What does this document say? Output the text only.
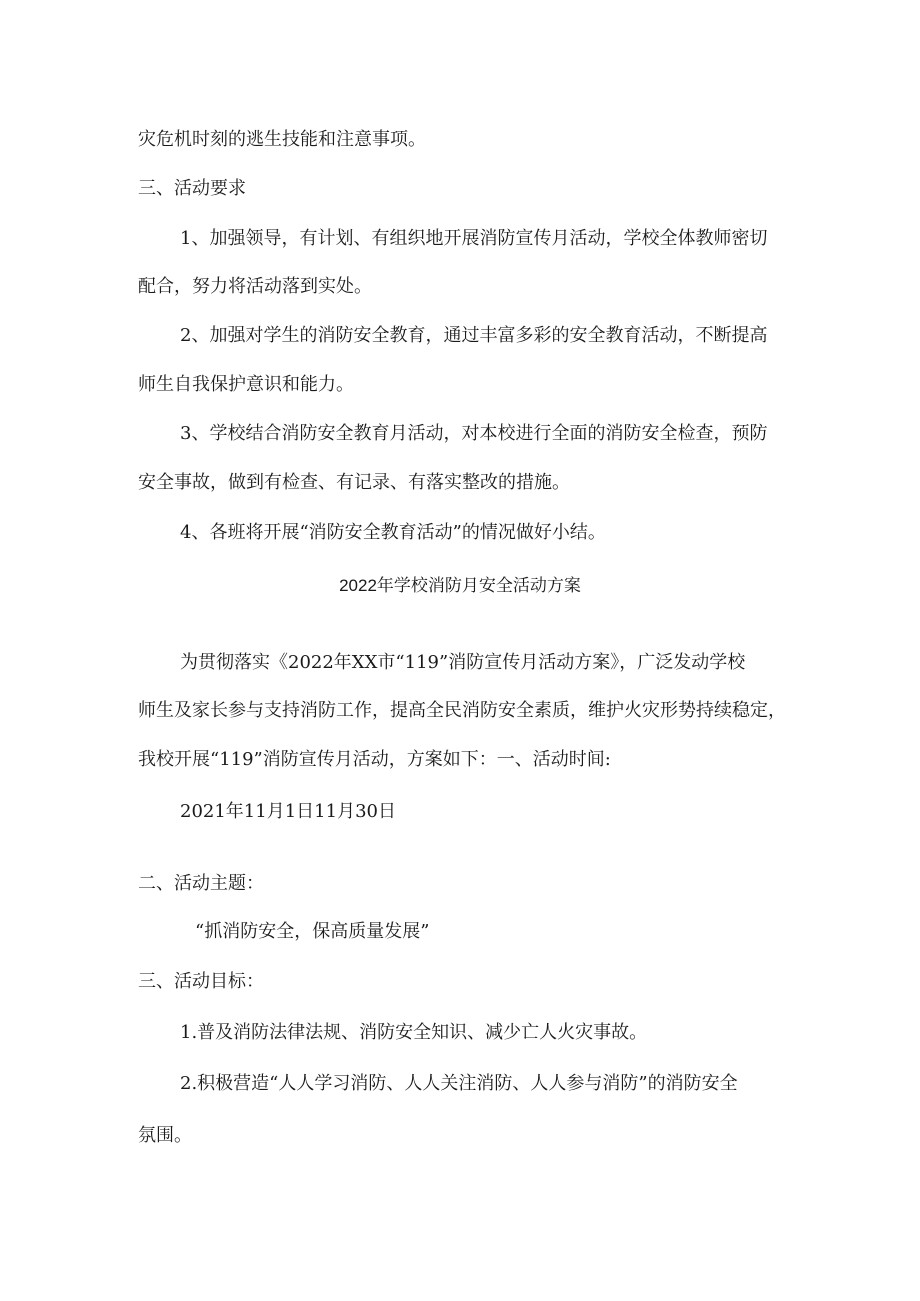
灾危机时刻的逃生技能和注意事项。
三、活动要求
1、加强领导，有计划、有组织地开展消防宣传月活动，学校全体教师密切
配合，努力将活动落到实处。
2、加强对学生的消防安全教育，通过丰富多彩的安全教育活动，不断提高
师生自我保护意识和能力。
3、学校结合消防安全教育月活动，对本校进行全面的消防安全检查，预防
安全事故，做到有检查、有记录、有落实整改的措施。
4、各班将开展“消防安全教育活动”的情况做好小结。
2022年学校消防月安全活动方案
为贯彻落实《2022年XX市“119”消防宣传月活动方案》，广泛发动学校
师生及家长参与支持消防工作，提高全民消防安全素质，维护火灾形势持续稳定，
我校开展“119”消防宣传月活动，方案如下：一、活动时间:
2021年11月1日11月30日
二、活动主题：
“抓消防安全，保高质量发展”
三、活动目标：
1.普及消防法律法规、消防安全知识、减少亡人火灾事故。
2.积极营造“人人学习消防、人人关注消防、人人参与消防”的消防安全
氛围。
